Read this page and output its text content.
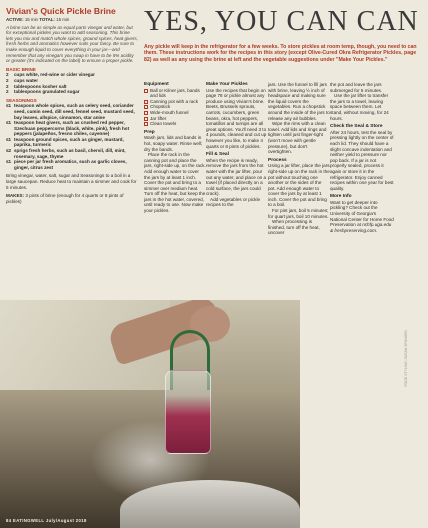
Vivian's Quick Pickle Brine
ACTIVE: 15 min TOTAL: 15 min
A brine can be as simple as equal parts vinegar and water, but for exceptional pickles you want to add seasoning. This brine lets you mix and match whole spices, ground spices, heat givers, fresh herbs and aromatics however suits your fancy. Be sure to make enough liquid to cover everything in your jar—and remember that any vinegars you swap in have to be 5% acidity or greater (it's indicated on the label) to ensure a proper pickle.
BASIC BRINE
2	cups white, red-wine or cider vinegar
2	cups water
2	tablespoons kosher salt
2	tablespoons granulated sugar
SEASONINGS
≤1 teaspoon whole spices, such as celery seed, coriander seed, cumin seed, dill seed, fennel seed, mustard seed, bay leaves, allspice, cinnamon, star anise
≤1 teaspoon heat givers, such as crushed red pepper, Szechuan peppercorns (black, white, pink), fresh hot peppers (jalapeños, fresno chiles, cayenne)
≤1 teaspoon ground spices, such as ginger, mustard, paprika, turmeric
≤2 sprigs fresh herbs, such as basil, chervil, dill, mint, rosemary, sage, thyme
≤1 piece per jar fresh aromatics, such as garlic cloves, ginger, citrus zest
Bring vinegar, water, salt, sugar and Seasonings to a boil in a large saucepan. Reduce heat to maintain a simmer and cook for 5 minutes.
MAKES: 3 pints of brine (enough for 4 quarts or 8 pints of pickles)
YES, YOU CAN CAN
Any pickle will keep in the refrigerator for a few weeks. To store pickles at room temp, though, you need to can them. These instructions work for the recipes in this story (except Olive-Cured Okra Refrigerator Pickles, page 82) as well as any using the brine at left and the vegetable suggestions under "Make Your Pickles."
Equipment
Ball or Kilner jars, bands and lids
Canning pot with a rack
Chopstick
Wide-mouth funnel
Jar lifter
Clean towels
Prep

Wash jars, lids and bands in hot, soapy water. Rinse well; dry the bands.

Place the rack in the canning pot and place the jars, right-side up, on the rack. Add enough water to cover the jars by at least 1 inch. Cover the pot and bring to a simmer over medium heat. Turn off the heat, but keep the jars in the hot water, covered, until ready to use. Now make your pickles.

Make Your Pickles

Use the recipes that begin on page 78 or pickle almost any produce using Vivian's brine. Beets, Brussels sprouts, carrots, cucumbers, green beans, okra, hot peppers, tomatillos and turnips are all great options. You'll need 3 to 4 pounds, cleaned and cut up however you like, to make 4 quarts or 8 pints of pickles.

Fill & Seal

When the recipe is ready, remove the jars from the hot water with the jar lifter, pour out any water, and place on a towel (if placed directly on a cold surface, the jars could crack).

Add vegetables or pickle recipes to the

jars. Use the funnel to fill jars with brine, leaving ½ inch of headspace and making sure the liquid covers the vegetables. Run a chopstick around the inside of the jars to release any air bubbles.

Wipe the rims with a clean towel. Add lids and rings and tighten until just finger-tight (won't move with gentle pressure), but don't overtighten.

Process

Using a jar lifter, place the jars right-side up on the rack in the pot without touching one another or the sides of the pot. Add enough water to cover the jars by at least 1 inch. Cover the pot and bring to a boil.

For pint jars, boil 5 minutes; for quart jars, boil 10 minutes.

When processing is finished, turn off the heat, uncover

the pot and leave the jars submerged for 5 minutes.

Use the jar lifter to transfer the jars to a towel, leaving space between them. Let stand, without moving, for 24 hours.

Check the Seal & Store

After 24 hours, test the seal by pressing lightly on the center of each lid. They should have a slight concave indentation and neither yield to pressure nor pop back. If a jar is not properly sealed, process it again or store it in the refrigerator. Enjoy canned recipes within one year for best quality.

More Info

Want to get deeper into pickling? Check out the University of Georgia's National Center for Home Food Preservation at nchfp.uga.edu & freshpreserving.com.

84 EATINGWELL July/August 2018
FOOD STYLING: SUSAN SPUNGEN
